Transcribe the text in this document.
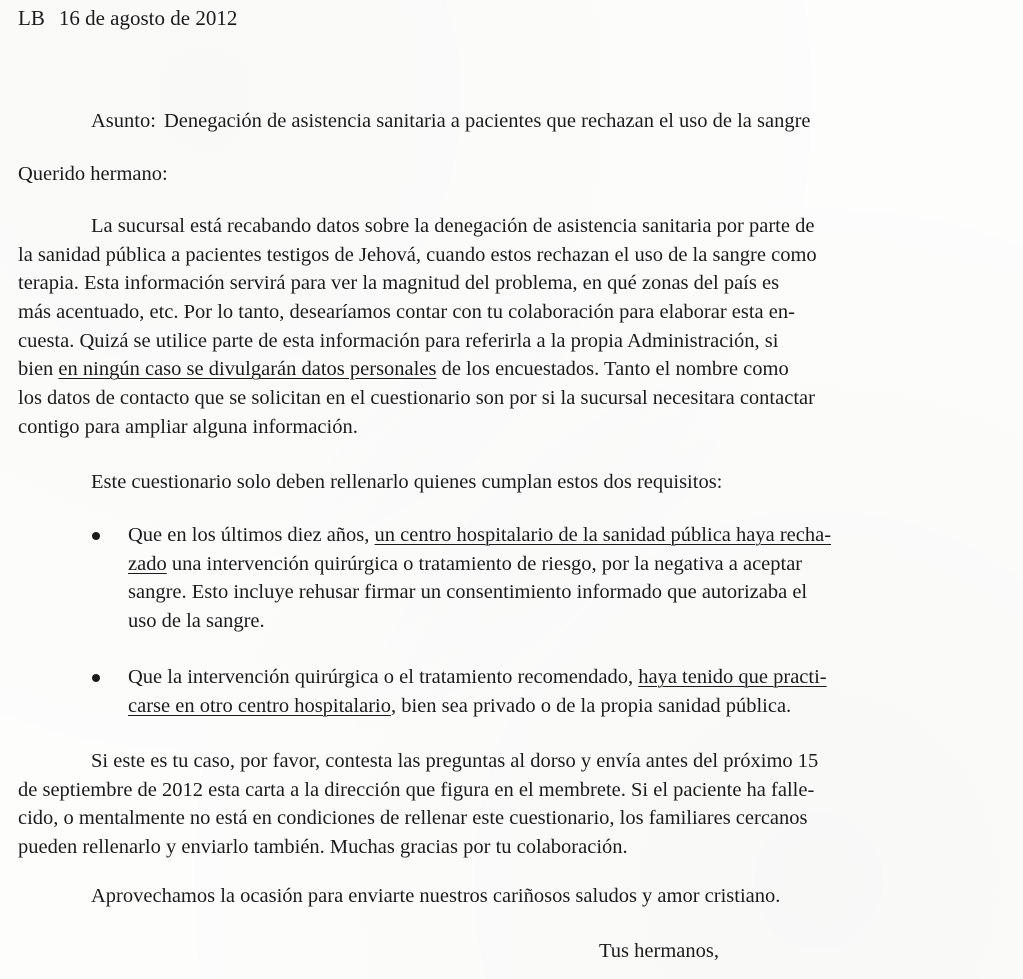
LB 16 de agosto de 2012
Asunto: Denegación de asistencia sanitaria a pacientes que rechazan el uso de la sangre
Querido hermano:
La sucursal está recabando datos sobre la denegación de asistencia sanitaria por parte de
la sanidad pública a pacientes testigos de Jehová, cuando estos rechazan el uso de la sangre como
terapia. Esta información servirá para ver la magnitud del problema, en qué zonas del país es
más acentuado, etc. Por lo tanto, desearíamos contar con tu colaboración para elaborar esta en-
cuesta. Quizá se utilice parte de esta información para referirla a la propia Administración, si
bien en ningún caso se divulgarán datos personales de los encuestados. Tanto el nombre como
los datos de contacto que se solicitan en el cuestionario son por si la sucursal necesitara contactar
contigo para ampliar alguna información.
Este cuestionario solo deben rellenarlo quienes cumplan estos dos requisitos:
Que en los últimos diez años, un centro hospitalario de la sanidad pública haya recha-
zado una intervención quirúrgica o tratamiento de riesgo, por la negativa a aceptar
sangre. Esto incluye rehusar firmar un consentimiento informado que autorizaba el
uso de la sangre.
Que la intervención quirúrgica o el tratamiento recomendado, haya tenido que practi-
carse en otro centro hospitalario, bien sea privado o de la propia sanidad pública.
Si este es tu caso, por favor, contesta las preguntas al dorso y envía antes del próximo 15
de septiembre de 2012 esta carta a la dirección que figura en el membrete. Si el paciente ha falle-
cido, o mentalmente no está en condiciones de rellenar este cuestionario, los familiares cercanos
pueden rellenarlo y enviarlo también. Muchas gracias por tu colaboración.
Aprovechamos la ocasión para enviarte nuestros cariñosos saludos y amor cristiano.
Tus hermanos,
